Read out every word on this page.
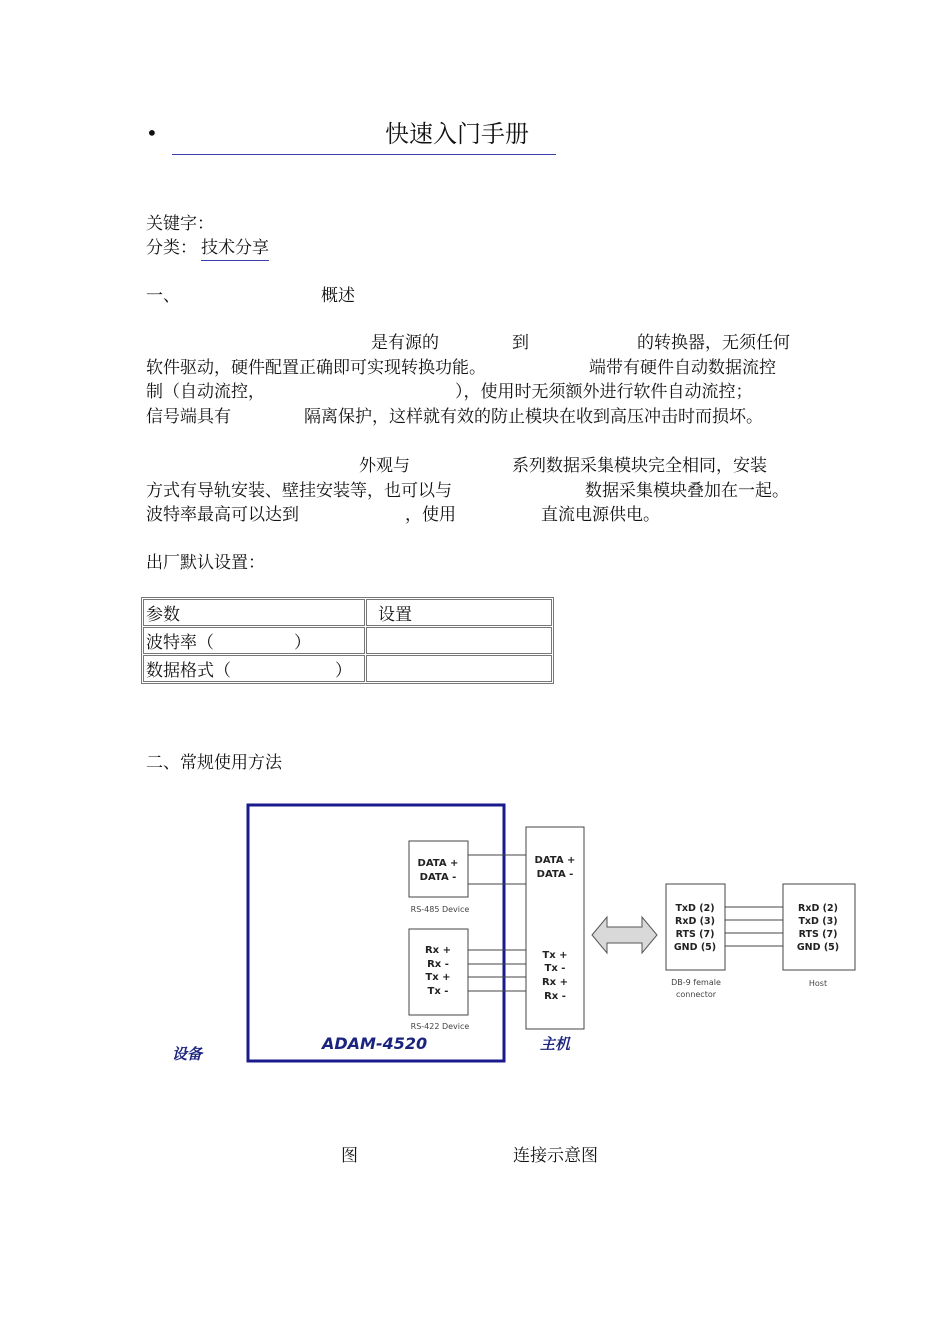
•	快速入门手册
关键字：
分类： 技术分享
一、	概述
是有源的	到	的转换器，无须任何
软件驱动，硬件配置正确即可实现转换功能。	端带有硬件自动数据流控
制（自动流控，	），使用时无须额外进行软件自动流控；
信号端具有	隔离保护，这样就有效的防止模块在收到高压冲击时而损坏。
外观与	系列数据采集模块完全相同，安装
方式有导轨安装、壁挂安装等，也可以与	数据采集模块叠加在一起。
波特率最高可以达到	，使用	直流电源供电。
出厂默认设置：
参数	设置
波特率（ ）	
数据格式（ ）	
二、常规使用方法
DATA +
DATA -
RS-485 Device
Rx +
Rx -
Tx +
Tx -
RS-422 Device
DATA +
DATA -
Tx +
Tx -
Rx +
Rx -
TxD (2)
RxD (3)
RTS (7)
GND (5)
DB-9 female
connector
RxD (2)
TxD (3)
RTS (7)
GND (5)
Host
设备
ADAM-4520	主机
图	连接示意图
